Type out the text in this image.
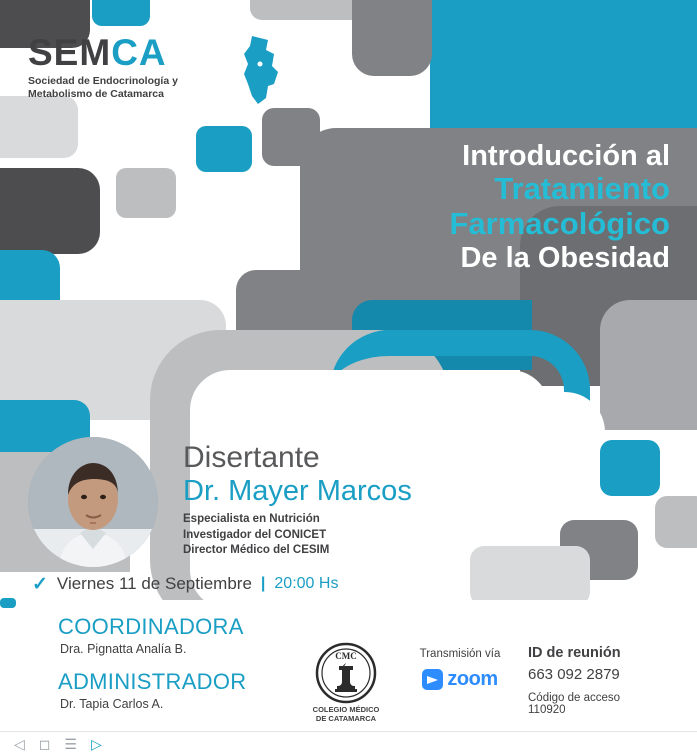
SEMCA
Sociedad de Endocrinología y
Metabolismo de Catamarca
Introducción al
Tratamiento
Farmacológico
De la Obesidad
Disertante
Dr. Mayer Marcos
Especialista en Nutrición
Investigador del CONICET
Director Médico del CESIM
✓ Viernes 11 de Septiembre | 20:00 Hs
COORDINADORA
Dra. Pignatta Analía B.
ADMINISTRADOR
Dr. Tapia Carlos A.
CMC
COLEGIO MÉDICO
DE CATAMARCA
Transmisión vía
zoom
ID de reunión
663 092 2879
Código de acceso
110920
◁ ◻ ☰ ▷
